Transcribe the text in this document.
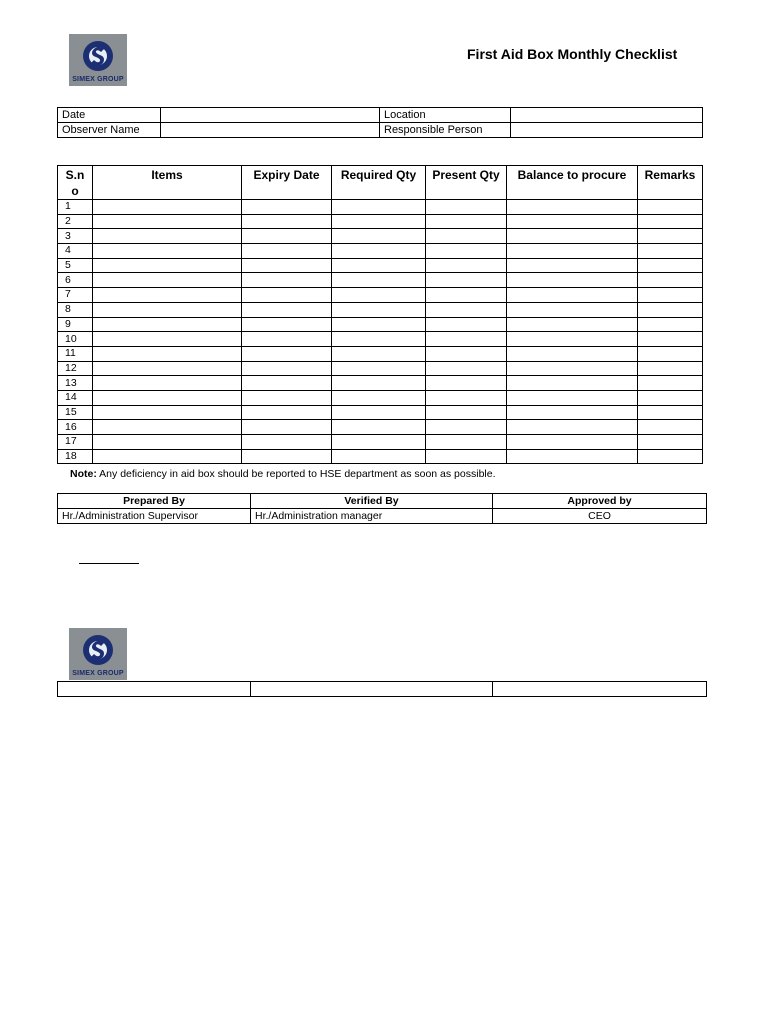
SIMEX GROUP
First Aid Box Monthly Checklist
Date		Location	
Observer Name		Responsible Person	
S.n o	Items	Expiry Date	Required Qty	Present Qty	Balance to procure	Remarks
1						
2						
3						
4						
5						
6						
7						
8						
9						
10						
11						
12						
13						
14						
15						
16						
17						
18						
Note: Any deficiency in aid box should be reported to HSE department as soon as possible.
Prepared By	Verified By	Approved by
Hr./Administration Supervisor	Hr./Administration manager	CEO
SIMEX GROUP
